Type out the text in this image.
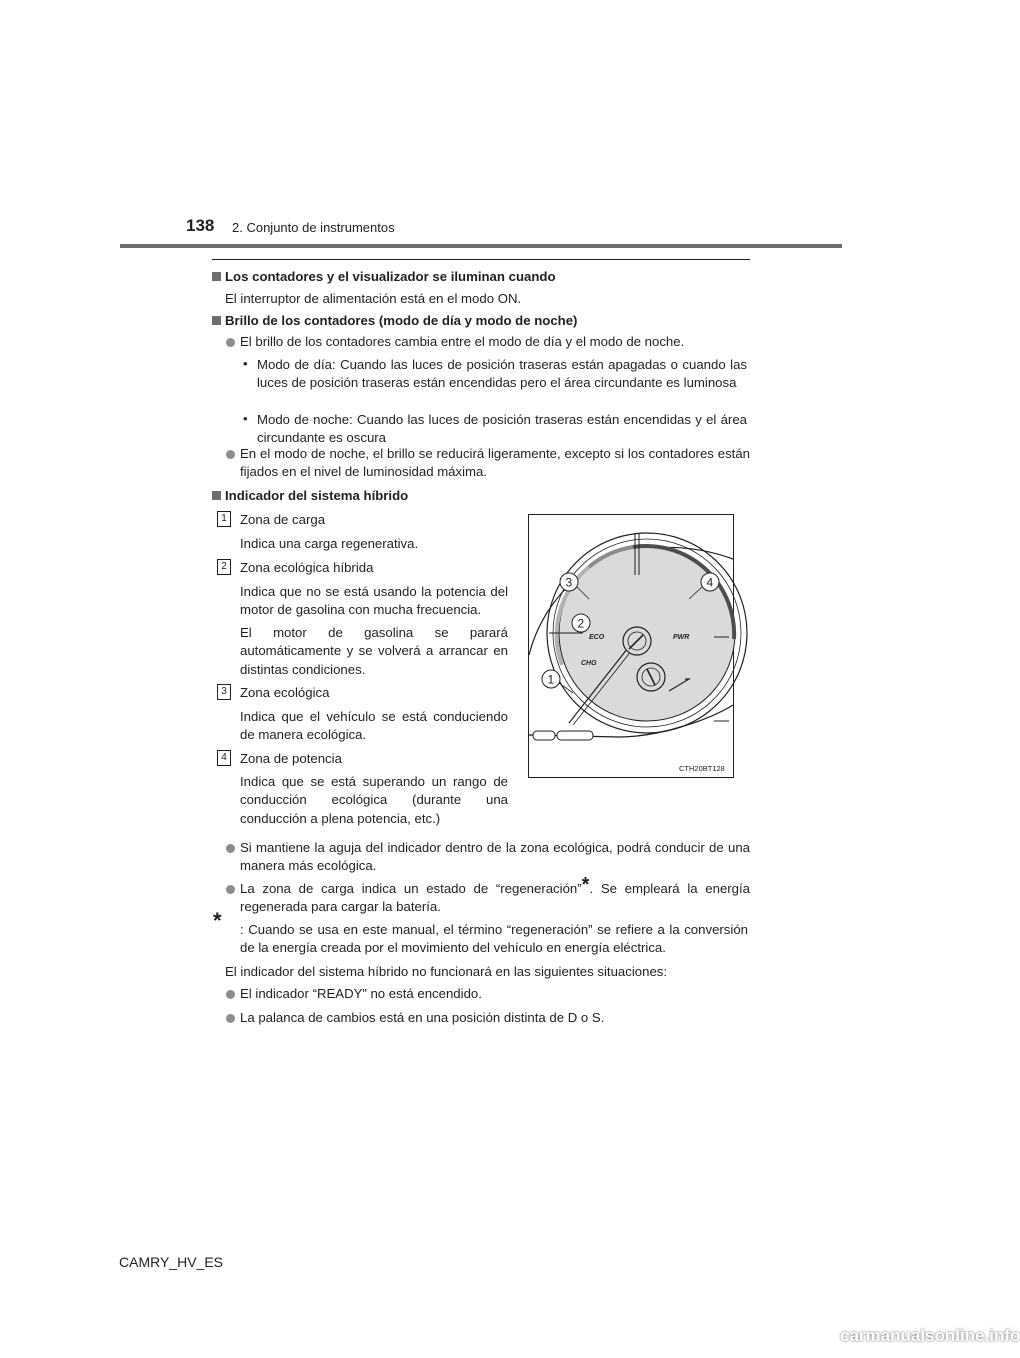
138 2. Conjunto de instrumentos
Los contadores y el visualizador se iluminan cuando
El interruptor de alimentación está en el modo ON.
Brillo de los contadores (modo de día y modo de noche)
El brillo de los contadores cambia entre el modo de día y el modo de noche.
• Modo de día: Cuando las luces de posición traseras están apagadas o cuando las luces de posición traseras están encendidas pero el área circundante es luminosa
• Modo de noche: Cuando las luces de posición traseras están encendidas y el área circundante es oscura
En el modo de noche, el brillo se reducirá ligeramente, excepto si los contadores están fijados en el nivel de luminosidad máxima.
Indicador del sistema híbrido
1	Zona de carga
Indica una carga regenerativa.
2	Zona ecológica híbrida
Indica que no se está usando la potencia del motor de gasolina con mucha frecuencia.
El motor de gasolina se parará automáticamente y se volverá a arrancar en distintas condiciones.
3	Zona ecológica
Indica que el vehículo se está conduciendo de manera ecológica.
4	Zona de potencia
Indica que se está superando un rango de conducción ecológica (durante una conducción a plena potencia, etc.)
ECO	PWR
CHG
3	4
2
1
CTH20BT128
Si mantiene la aguja del indicador dentro de la zona ecológica, podrá conducir de una manera más ecológica.
La zona de carga indica un estado de “regeneración”*. Se empleará la energía regenerada para cargar la batería.
*	: Cuando se usa en este manual, el término “regeneración” se refiere a la conversión de la energía creada por el movimiento del vehículo en energía eléctrica.
El indicador del sistema híbrido no funcionará en las siguientes situaciones:
El indicador “READY” no está encendido.
La palanca de cambios está en una posición distinta de D o S.
CAMRY_HV_ES
carmanualsonline.info
